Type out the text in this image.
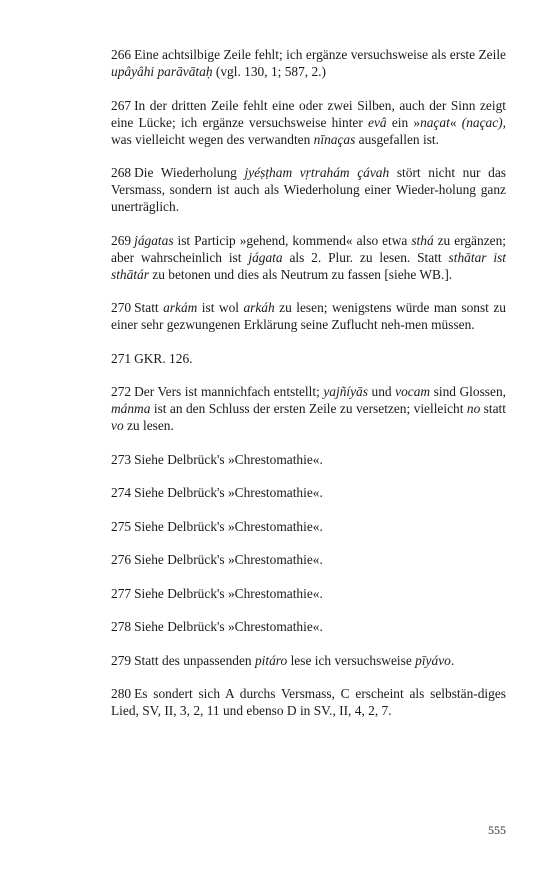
266 Eine achtsilbige Zeile fehlt; ich ergänze versuchsweise als erste Zeile upâyâhi parāvātaḥ (vgl. 130, 1; 587, 2.)

267 In der dritten Zeile fehlt eine oder zwei Silben, auch der Sinn zeigt eine Lücke; ich ergänze versuchsweise hinter evâ ein »naçat« (naçac), was vielleicht wegen des verwandten nīnaças ausgefallen ist.

268 Die Wiederholung jyéṣṭham vṛtrahám çávah stört nicht nur das Versmass, sondern ist auch als Wiederholung einer Wieder-holung ganz unerträglich.

269 jágatas ist Particip »gehend, kommend« also etwa sthá zu ergänzen; aber wahrscheinlich ist jágata als 2. Plur. zu lesen. Statt sthātar ist sthātár zu betonen und dies als Neutrum zu fassen [siehe WB.].

270 Statt arkám ist wol arkáh zu lesen; wenigstens würde man sonst zu einer sehr gezwungenen Erklärung seine Zuflucht neh-men müssen.

271 GKR. 126.

272 Der Vers ist mannichfach entstellt; yajñíyās und vocam sind Glossen, mánma ist an den Schluss der ersten Zeile zu versetzen; vielleicht no statt vo zu lesen.

273 Siehe Delbrück's »Chrestomathie«.

274 Siehe Delbrück's »Chrestomathie«.

275 Siehe Delbrück's »Chrestomathie«.

276 Siehe Delbrück's »Chrestomathie«.

277 Siehe Delbrück's »Chrestomathie«.

278 Siehe Delbrück's »Chrestomathie«.

279 Statt des unpassenden pitáro lese ich versuchsweise pīyávo.

280 Es sondert sich A durchs Versmass, C erscheint als selbstän-diges Lied, SV, II, 3, 2, 11 und ebenso D in SV., II, 4, 2, 7.

555
